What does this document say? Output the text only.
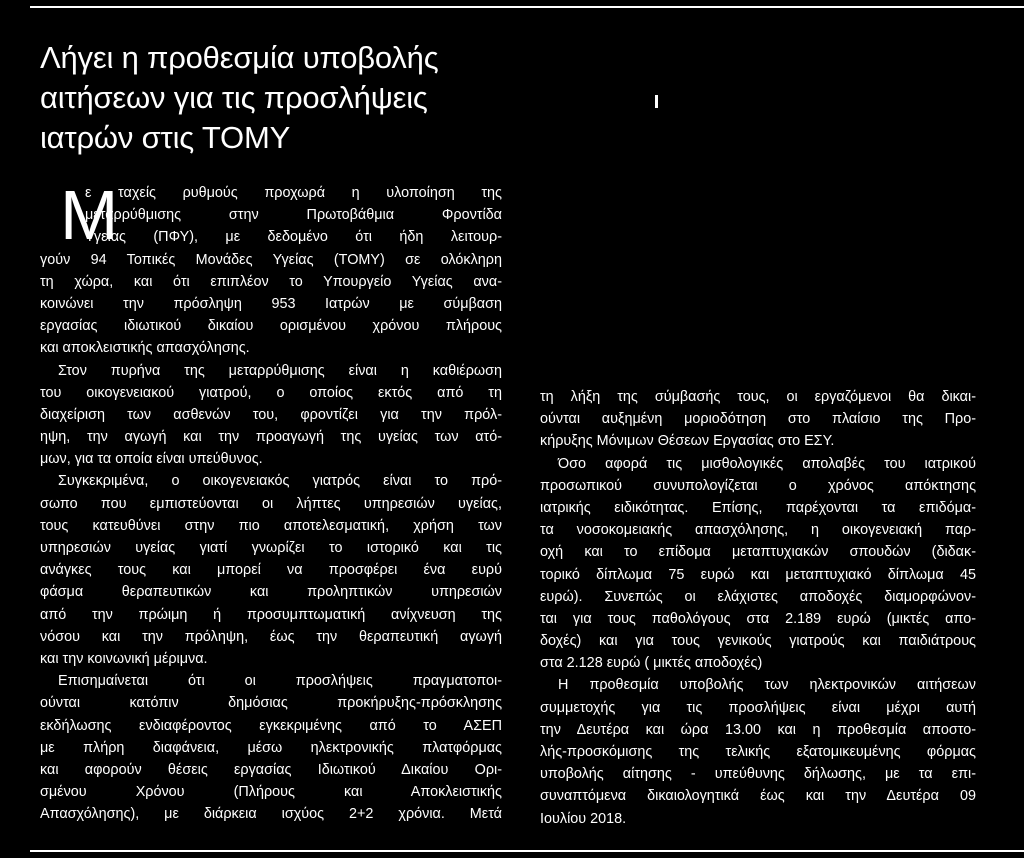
Λήγει η προθεσμία υποβολής
αιτήσεων για τις προσλήψεις
ιατρών στις ΤΟΜΥ
Μ
ε ταχείς ρυθμούς προχωρά η υλοποίηση της
μεταρρύθμισης στην Πρωτοβάθμια Φροντίδα
Υγείας (ΠΦΥ), με δεδομένο ότι ήδη λειτουρ-
γούν 94 Τοπικές Μονάδες Υγείας (ΤΟΜΥ) σε ολόκληρη
τη χώρα, και ότι επιπλέον το Υπουργείο Υγείας ανα-
κοινώνει την πρόσληψη 953 Ιατρών με σύμβαση
εργασίας ιδιωτικού δικαίου ορισμένου χρόνου πλήρους
και αποκλειστικής απασχόλησης.
Στον πυρήνα της μεταρρύθμισης είναι η καθιέρωση
του οικογενειακού γιατρού, ο οποίος εκτός από τη
διαχείριση των ασθενών του, φροντίζει για την πρόλ-
ηψη, την αγωγή και την προαγωγή της υγείας των ατό-
μων, για τα οποία είναι υπεύθυνος.
Συγκεκριμένα, ο οικογενειακός γιατρός είναι το πρό-
σωπο που εμπιστεύονται οι λήπτες υπηρεσιών υγείας,
τους κατευθύνει στην πιο αποτελεσματική, χρήση των
υπηρεσιών υγείας γιατί γνωρίζει το ιστορικό και τις
ανάγκες τους και μπορεί να προσφέρει ένα ευρύ
φάσμα θεραπευτικών και προληπτικών υπηρεσιών
από την πρώιμη ή προσυμπτωματική ανίχνευση της
νόσου και την πρόληψη, έως την θεραπευτική αγωγή
και την κοινωνική μέριμνα.
Επισημαίνεται ότι οι προσλήψεις πραγματοποι-
ούνται κατόπιν δημόσιας προκήρυξης-πρόσκλησης
εκδήλωσης ενδιαφέροντος εγκεκριμένης από το ΑΣΕΠ
με πλήρη διαφάνεια, μέσω ηλεκτρονικής πλατφόρμας
και αφορούν θέσεις εργασίας Ιδιωτικού Δικαίου Ορι-
σμένου Χρόνου (Πλήρους και Αποκλειστικής
Απασχόλησης), με διάρκεια ισχύος 2+2 χρόνια. Μετά
τη λήξη της σύμβασής τους, οι εργαζόμενοι θα δικαι-
ούνται αυξημένη μοριοδότηση στο πλαίσιο της Προ-
κήρυξης Μόνιμων Θέσεων Εργασίας στο ΕΣΥ.
Όσο αφορά τις μισθολογικές απολαβές του ιατρικού
προσωπικού συνυπολογίζεται ο χρόνος απόκτησης
ιατρικής ειδικότητας. Επίσης, παρέχονται τα επιδόμα-
τα νοσοκομειακής απασχόλησης, η οικογενειακή παρ-
οχή και το επίδομα μεταπτυχιακών σπουδών (διδακ-
τορικό δίπλωμα 75 ευρώ και μεταπτυχιακό δίπλωμα 45
ευρώ). Συνεπώς οι ελάχιστες αποδοχές διαμορφώνον-
ται για τους παθολόγους στα 2.189 ευρώ (μικτές απο-
δοχές) και για τους γενικούς γιατρούς και παιδιάτρους
στα 2.128 ευρώ ( μικτές αποδοχές)
Η προθεσμία υποβολής των ηλεκτρονικών αιτήσεων
συμμετοχής για τις προσλήψεις είναι μέχρι αυτή
την Δευτέρα και ώρα 13.00 και η προθεσμία αποστο-
λής-προσκόμισης της τελικής εξατομικευμένης φόρμας
υποβολής αίτησης - υπεύθυνης δήλωσης, με τα επι-
συναπτόμενα δικαιολογητικά έως και την Δευτέρα 09
Ιουλίου 2018.
